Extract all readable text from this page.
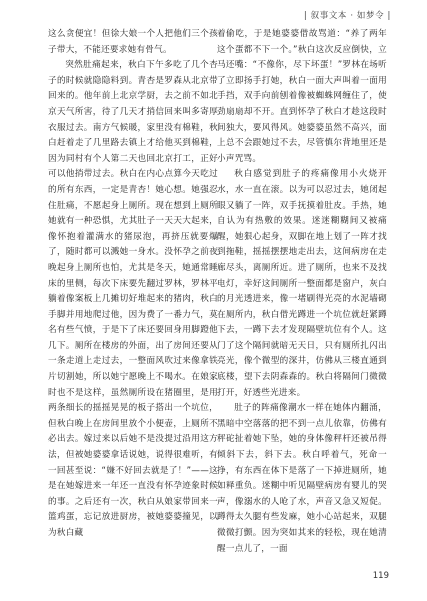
| 叙事文本 · 如梦令 |

这么贪便宜！但徐大娘一个人把他们三个孩子带大，不能还要求她有骨气。

突然肚痛起来，秋白下午多吃了几个杏子的时候就隐隐料到。青杏是罗森从北京带回来的。他年前上北京学厨，去之前不如北京天气所害，待了几天才捎信回来叫多寄厚衣服过去。南方气候暖，家里没有棉鞋，秋白赶着走了几里路去镇上才给他买到棉鞋，因为同村有个人第二天也回北京打工，正好可以他捎带过去。秋白在内心点算今天吃过的所有东西，一定是青杏！她心想。她强忍住肚痛，不愿起身上厕所。现在想到上厕所她就有一种恐惧，尤其肚子一天天大起来，像怀抱着灌满水的猪尿泡，再挤压就要爆了，随时都可以溅她一身水。没怀孕之前夜晚起身上厕所也怕，尤其是冬天，她通常睡床的里侧，每次下床要先翻过罗林，罗林平躺着像案板上几摊切好堆起来的猪肉，秋白手脚并用地爬过他，因为费了一番力气，莫名有些气愤，于是下了床还要回身用脚蹬他几下。厕所在楼房的外面，出了房间还要从一条走道上走过去，一整面风吹过来像拿铁片切割她，所以她宁愿晚上不喝水。在娘家时也不是这样，虽然厕所设在猪圈里，是用两条细长的摇摇晃晃的板子搭出一个坑位，但秋白晚上在房间里放个小便壶，上厕所不必出去。嫁过来以后她不是没提过沿用这方法，但被她婆婆拿话说她，说得很难听，有一回甚至说：“嫌不好回去就是了！”——这是在她嫁进来一年还一直没有怀孕迹象时候的事。之后还有一次，秋白从娘家带回来一篮鸡蛋，忘记放进厨房，被她婆婆撞见，以为秋白藏

着偷吃，于是她婆婆借故骂道：“养了两年这个蛋都不下一个。”秋白这次反应倒快，立马还嘴：“不像你，尽下坏蛋！”罗林在场听了立即扬手打她，秋白一面大声叫着一面用手挡，双手向前刨着像被蜘蛛网缠住了，使劲扇扇却不开。直到怀孕了秋白才趁这段时间独大，要风得风。她婆婆虽然不高兴，面上总不会跟她过不去，尽管慎尔背地里还是小声咒骂。

秋白感觉到肚子的疼痛像用小火烧开水，水一直在滚。以为可以忍过去，她闭起眼又躺了一阵，双手抚摸着肚皮。手热，她自认为有热敷的效果。迷迷糊糊间又被痛醒，她狠心起身，双脚在地上划了一阵才找到拖鞋，摇摇摆摆地走出去，这间病房在走廊尽头，离厕所近。进了厕所，也来不及找电灯，幸好这间厕所一整面都是窗户，灰白的月光透进来，像一堵刷得光亮的水泥墙砌在厕所内，秋白借光蹲进一个坑位就赶紧蹲下去，一蹲下去才发现隔壁坑位有个人。这门了这个隔间就暗无天日，只有厕所扎闪出亮光，像个微型的深井，仿佛从三楼直通到底楼，望下去阴森森的。秋白将隔间门微微打开，好透些光进来。

肚子的阵痛像潮水一样在她体内翻涌，黑暗中空落落的把不到一点儿依靠，仿佛有秤砣扯着她下坠，她的身体像秤杆还被吊得倾斜下去，斜下去。秋白呼着气，死命一挣，有东西在体下是落了一下掉进厕所，她如释重负。迷糊中听见隔壁病房有婴儿的哭声，像溺水的人呛了水，声音又急又短促。蹲得太久腿有些发麻，她小心站起来，双腿微微打颤。因为突如其来的轻松，现在她清醒一点儿了，一面

119
